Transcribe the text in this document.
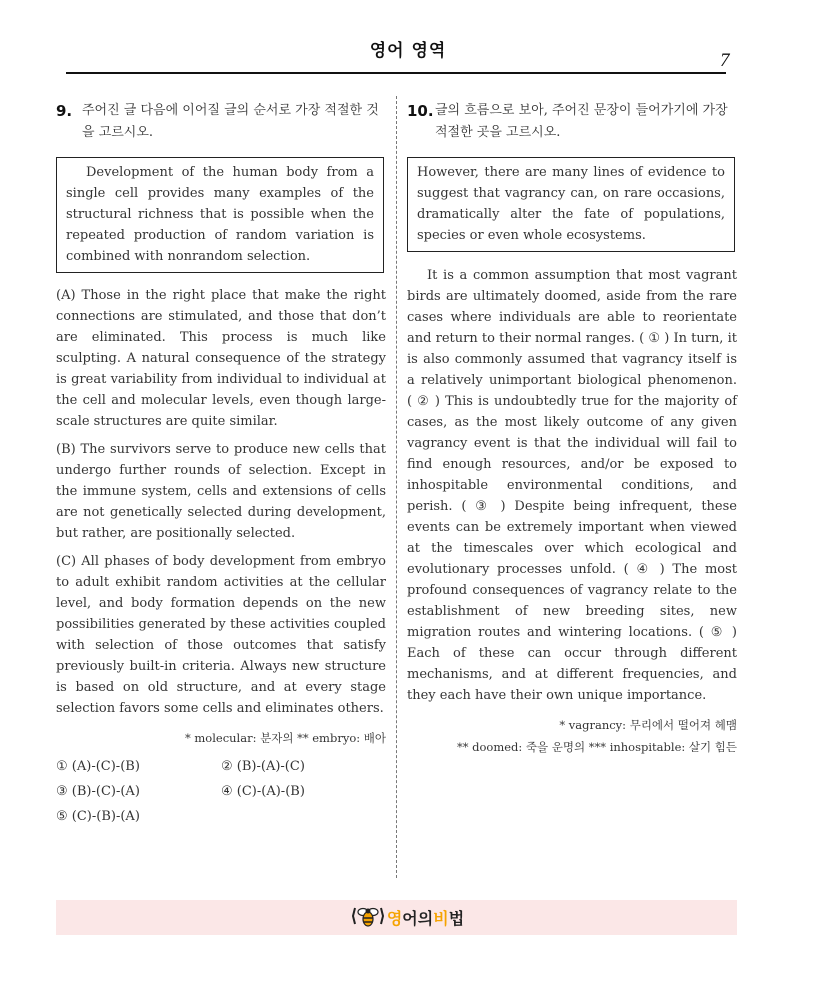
영어 영역	7
9. 주어진 글 다음에 이어질 글의 순서로 가장 적절한 것을 고르시오.
Development of the human body from a single cell provides many examples of the structural richness that is possible when the repeated production of random variation is combined with nonrandom selection.
(A) Those in the right place that make the right connections are stimulated, and those that don’t are eliminated. This process is much like sculpting. A natural consequence of the strategy is great variability from individual to individual at the cell and molecular levels, even though large-scale structures are quite similar.
(B) The survivors serve to produce new cells that undergo further rounds of selection. Except in the immune system, cells and extensions of cells are not genetically selected during development, but rather, are positionally selected.
(C) All phases of body development from embryo to adult exhibit random activities at the cellular level, and body formation depends on the new possibilities generated by these activities coupled with selection of those outcomes that satisfy previously built-in criteria. Always new structure is based on old structure, and at every stage selection favors some cells and eliminates others.
* molecular: 분자의 ** embryo: 배아
① (A)-(C)-(B)	② (B)-(A)-(C)
③ (B)-(C)-(A)	④ (C)-(A)-(B)
⑤ (C)-(B)-(A)
10. 글의 흐름으로 보아, 주어진 문장이 들어가기에 가장 적절한 곳을 고르시오.
However, there are many lines of evidence to suggest that vagrancy can, on rare occasions, dramatically alter the fate of populations, species or even whole ecosystems.
It is a common assumption that most vagrant birds are ultimately doomed, aside from the rare cases where individuals are able to reorientate and return to their normal ranges. ( ① ) In turn, it is also commonly assumed that vagrancy itself is a relatively unimportant biological phenomenon. ( ② ) This is undoubtedly true for the majority of cases, as the most likely outcome of any given vagrancy event is that the individual will fail to find enough resources, and/or be exposed to inhospitable environmental conditions, and perish. ( ③ ) Despite being infrequent, these events can be extremely important when viewed at the timescales over which ecological and evolutionary processes unfold. ( ④ ) The most profound consequences of vagrancy relate to the establishment of new breeding sites, new migration routes and wintering locations. ( ⑤ ) Each of these can occur through different mechanisms, and at different frequencies, and they each have their own unique importance.
* vagrancy: 무리에서 떨어져 헤맴
** doomed: 죽을 운명의 *** inhospitable: 살기 힘든
영어의비법
